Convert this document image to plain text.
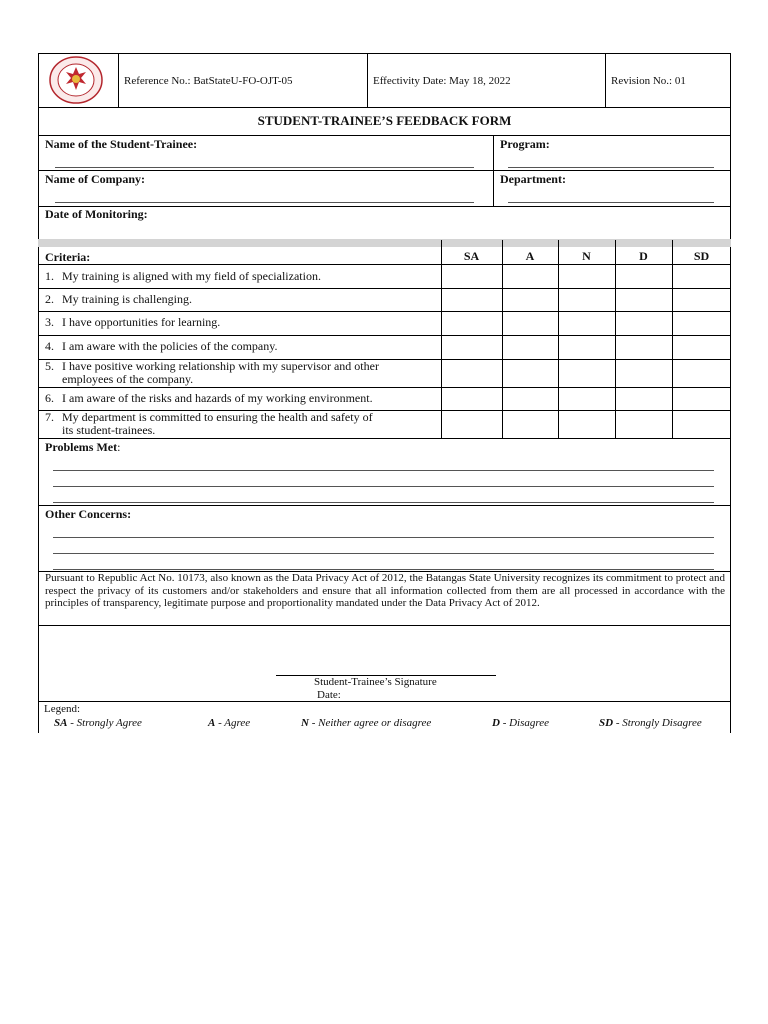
Reference No.: BatStateU-FO-OJT-05	Effectivity Date: May 18, 2022	Revision No.: 01
STUDENT-TRAINEE’S FEEDBACK FORM
Name of the Student-Trainee:	Program:
Name of Company:	Department:
Date of Monitoring:
Criteria:	SA	A	N	D	SD
1. My training is aligned with my field of specialization.
2. My training is challenging.
3. I have opportunities for learning.
4. I am aware with the policies of the company.
5. I have positive working relationship with my supervisor and other
employees of the company.
6. I am aware of the risks and hazards of my working environment.
7. My department is committed to ensuring the health and safety of
its student-trainees.
Problems Met:
Other Concerns:
Pursuant to Republic Act No. 10173, also known as the Data Privacy Act of 2012, the Batangas State University recognizes its commitment to protect and respect the privacy of its customers and/or stakeholders and ensure that all information collected from them are all processed in accordance with the principles of transparency, legitimate purpose and proportionality mandated under the Data Privacy Act of 2012.
Student-Trainee’s Signature
Date:
Legend:
SA - Strongly Agree	A - Agree	N - Neither agree or disagree	D - Disagree	SD - Strongly Disagree
